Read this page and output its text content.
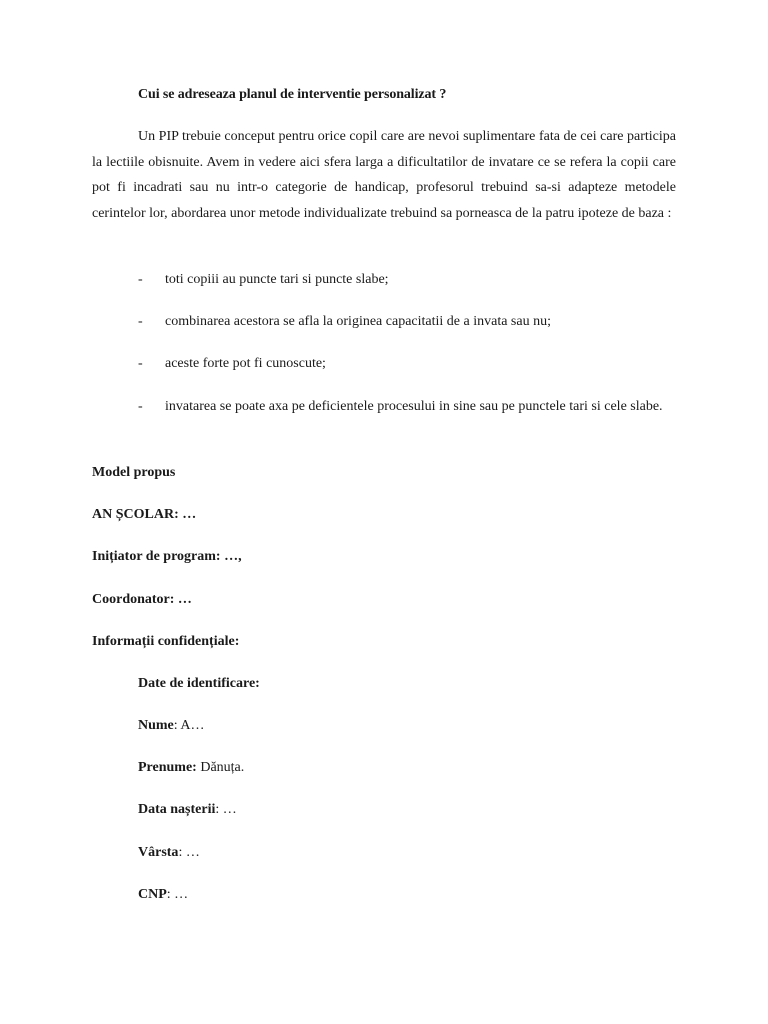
Cui se adreseaza planul de interventie personalizat ?
Un PIP trebuie conceput pentru orice copil care are nevoi suplimentare fata de cei care participa la lectiile obisnuite. Avem in vedere aici sfera larga a dificultatilor de invatare ce se refera la copii care pot fi incadrati sau nu intr-o categorie de handicap, profesorul trebuind sa-si adapteze metodele cerintelor lor, abordarea unor metode individualizate trebuind sa porneasca de la patru ipoteze de baza :
-	toti copiii au puncte tari si puncte slabe;
-	combinarea acestora se afla la originea capacitatii de a invata sau nu;
-	aceste forte pot fi cunoscute;
-	invatarea se poate axa pe deficientele procesului in sine sau pe punctele tari si cele slabe.
Model propus
AN ȘCOLAR: …
Inițiator de program: …,
Coordonator: …
Informații confidențiale:
Date de identificare:
Nume: A…
Prenume: Dănuța.
Data nașterii: …
Vârsta: …
CNP: …
